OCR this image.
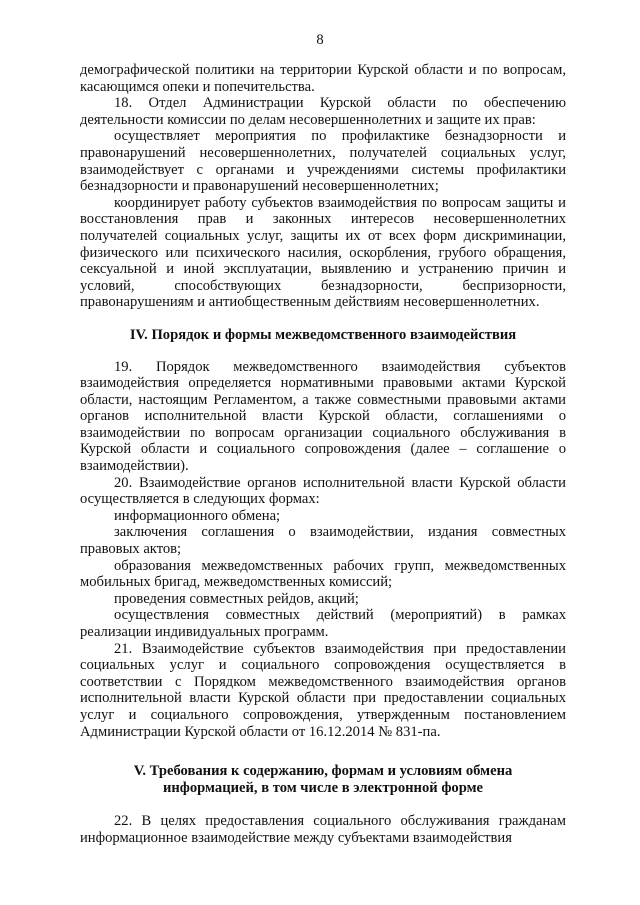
8

демографической политики на территории Курской области и по вопросам, касающимся опеки и попечительства.

18. Отдел Администрации Курской области по обеспечению деятельности комиссии по делам несовершеннолетних и защите их прав:

осуществляет мероприятия по профилактике безнадзорности и правонарушений несовершеннолетних, получателей социальных услуг, взаимодействует с органами и учреждениями системы профилактики безнадзорности и правонарушений несовершеннолетних;

координирует работу субъектов взаимодействия по вопросам защиты и восстановления прав и законных интересов несовершеннолетних получателей социальных услуг, защиты их от всех форм дискриминации, физического или психического насилия, оскорбления, грубого обращения, сексуальной и иной эксплуатации, выявлению и устранению причин и условий, способствующих безнадзорности, беспризорности, правонарушениям и антиобщественным действиям несовершеннолетних.

IV. Порядок и формы межведомственного взаимодействия

19. Порядок межведомственного взаимодействия субъектов взаимодействия определяется нормативными правовыми актами Курской области, настоящим Регламентом, а также совместными правовыми актами органов исполнительной власти Курской области, соглашениями о взаимодействии по вопросам организации социального обслуживания в Курской области и социального сопровождения (далее – соглашение о взаимодействии).

20. Взаимодействие органов исполнительной власти Курской области осуществляется в следующих формах:

информационного обмена;

заключения соглашения о взаимодействии, издания совместных правовых актов;

образования межведомственных рабочих групп, межведомственных мобильных бригад, межведомственных комиссий;

проведения совместных рейдов, акций;

осуществления совместных действий (мероприятий) в рамках реализации индивидуальных программ.

21. Взаимодействие субъектов взаимодействия при предоставлении социальных услуг и социального сопровождения осуществляется в соответствии с Порядком межведомственного взаимодействия органов исполнительной власти Курской области при предоставлении социальных услуг и социального сопровождения, утвержденным постановлением Администрации Курской области от 16.12.2014 № 831-па.

V. Требования к содержанию, формам и условиям обмена

информацией, в том числе в электронной форме

22. В целях предоставления социального обслуживания гражданам информационное взаимодействие между субъектами взаимодействия
